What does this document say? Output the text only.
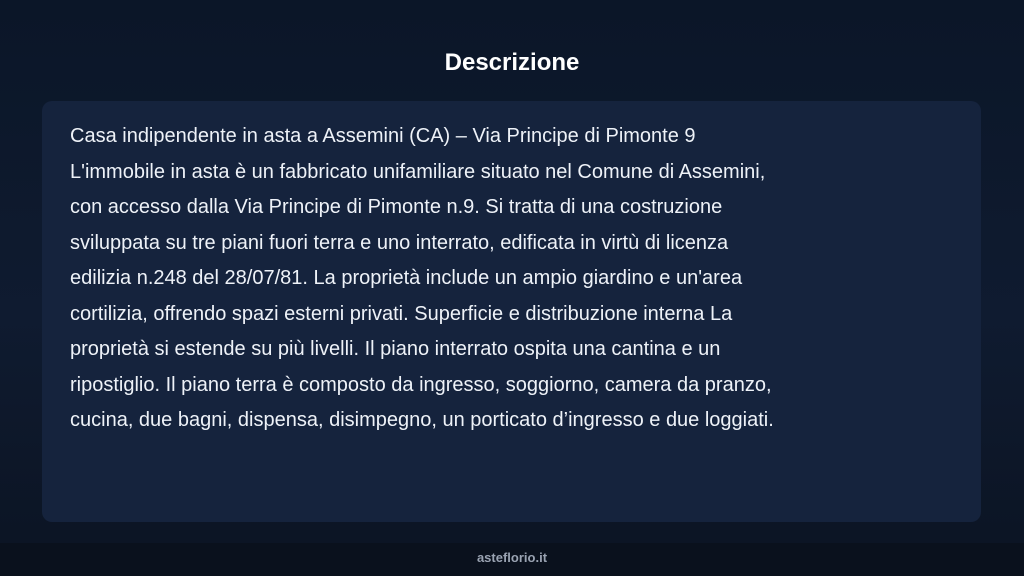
Descrizione

Casa indipendente in asta a Assemini (CA) – Via Principe di Pimonte 9
L'immobile in asta è un fabbricato unifamiliare situato nel Comune di Assemini,
con accesso dalla Via Principe di Pimonte n.9. Si tratta di una costruzione
sviluppata su tre piani fuori terra e uno interrato, edificata in virtù di licenza
edilizia n.248 del 28/07/81. La proprietà include un ampio giardino e un'area
cortilizia, offrendo spazi esterni privati. Superficie e distribuzione interna La
proprietà si estende su più livelli. Il piano interrato ospita una cantina e un
ripostiglio. Il piano terra è composto da ingresso, soggiorno, camera da pranzo,
cucina, due bagni, dispensa, disimpegno, un porticato d’ingresso e due loggiati.

asteflorio.it
